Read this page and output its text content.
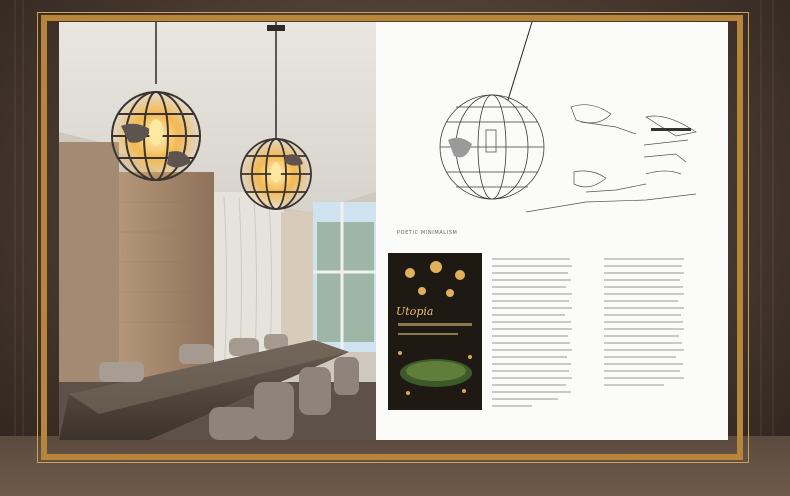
POETIC MINIMALISM
Utopia
